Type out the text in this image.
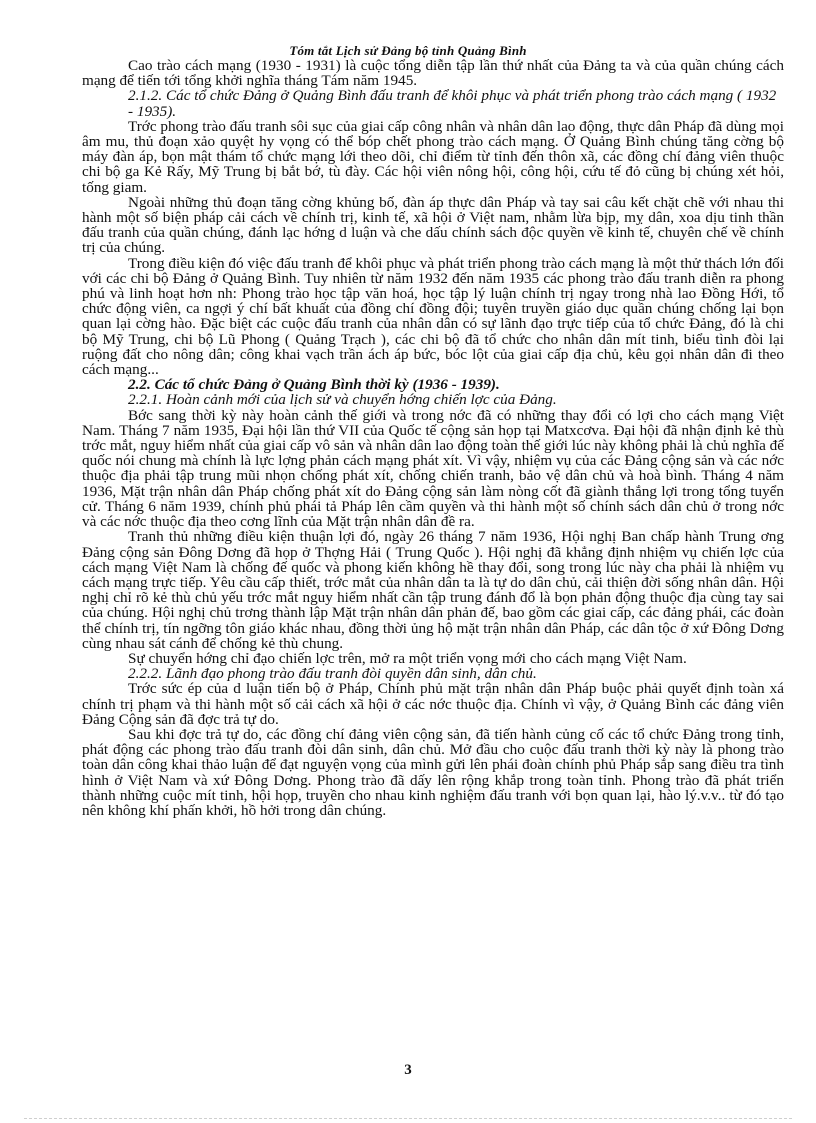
Tóm tắt Lịch sử Đảng bộ tỉnh Quảng Bình

Cao trào cách mạng (1930 - 1931) là cuộc tổng diễn tập lần thứ nhất của Đảng ta và của quần chúng cách mạng để tiến tới tổng khởi nghĩa tháng Tám năm 1945.

2.1.2. Các tổ chức Đảng ở Quảng Bình đấu tranh để khôi phục và phát triển phong trào cách mạng ( 1932 - 1935).

Trớc phong trào đấu tranh sôi sục của giai cấp công nhân và nhân dân lao động, thực dân Pháp đã dùng mọi âm mu, thủ đoạn xảo quyệt hy vọng có thể bóp chết phong trào cách mạng. Ở Quảng Bình chúng tăng cờng bộ máy đàn áp, bọn mật thám tổ chức mạng lới theo dõi, chỉ điểm từ tỉnh đến thôn xã, các đồng chí đảng viên thuộc chi bộ ga Kẻ Rấy, Mỹ Trung bị bắt bớ, tù đày. Các hội viên nông hội, công hội, cứu tế đỏ cũng bị chúng xét hỏi, tống giam.

Ngoài những thủ đoạn tăng cờng khủng bố, đàn áp thực dân Pháp và tay sai câu kết chặt chẽ với nhau thi hành một số biện pháp cải cách về chính trị, kinh tế, xã hội ở Việt nam, nhằm lừa bịp, mỵ dân, xoa dịu tinh thần đấu tranh của quần chúng, đánh lạc hớng d luận và che dấu chính sách độc quyền về kinh tế, chuyên chế về chính trị của chúng.

Trong điều kiện đó việc đấu tranh để khôi phục và phát triển phong trào cách mạng là một thử thách lớn đối với các chi bộ Đảng ở Quảng Bình. Tuy nhiên từ năm 1932 đến năm 1935 các phong trào đấu tranh diễn ra phong phú và linh hoạt hơn nh: Phong trào học tập văn hoá, học tập lý luận chính trị ngay trong nhà lao Đồng Hới, tổ chức động viên, ca ngợi ý chí bất khuất của đồng chí đồng đội; tuyên truyền giáo dục quần chúng chống lại bọn quan lại cờng hào. Đặc biệt các cuộc đấu tranh của nhân dân có sự lãnh đạo trực tiếp của tổ chức Đảng, đó là chi bộ Mỹ Trung, chi bộ Lũ Phong ( Quảng Trạch ), các chi bộ đã tổ chức cho nhân dân mít tinh, biểu tình đòi lại ruộng đất cho nông dân; công khai vạch trần ách áp bức, bóc lột của giai cấp địa chủ, kêu gọi nhân dân đi theo cách mạng...

2.2. Các tổ chức Đảng ở Quảng Bình thời kỳ (1936 - 1939).

2.2.1. Hoàn cảnh mới của lịch sử và chuyển hớng chiến lợc của Đảng.

Bớc sang thời kỳ này hoàn cảnh thế giới và trong nớc đã có những thay đổi có lợi cho cách mạng Việt Nam. Tháng 7 năm 1935, Đại hội lần thứ VII của Quốc tế cộng sản họp tại Matxcơva. Đại hội đã nhận định kẻ thù trớc mắt, nguy hiểm nhất của giai cấp vô sản và nhân dân lao động toàn thế giới lúc này không phải là chủ nghĩa đế quốc nói chung mà chính là lực lợng phản cách mạng phát xít. Vì vậy, nhiệm vụ của các Đảng cộng sản và các nớc thuộc địa phải tập trung mũi nhọn chống phát xít, chống chiến tranh, bảo vệ dân chủ và hoà bình. Tháng 4 năm 1936, Mặt trận nhân dân Pháp chống phát xít do Đảng cộng sản làm nòng cốt đã giành thắng lợi trong tổng tuyển cử. Tháng 6 năm 1939, chính phủ phái tả Pháp lên cầm quyền và thi hành một số chính sách dân chủ ở trong nớc và các nớc thuộc địa theo cơng lĩnh của Mặt trận nhân dân đề ra.

Tranh thủ những điều kiện thuận lợi đó, ngày 26 tháng 7 năm 1936, Hội nghị Ban chấp hành Trung ơng Đảng cộng sản Đông Dơng đã họp ở Thợng Hải ( Trung Quốc ). Hội nghị đã khẳng định nhiệm vụ chiến lợc của cách mạng Việt Nam là chống đế quốc và phong kiến không hề thay đổi, song trong lúc này cha phải là nhiệm vụ cách mạng trực tiếp. Yêu cầu cấp thiết, trớc mắt của nhân dân ta là tự do dân chủ, cải thiện đời sống nhân dân. Hội nghị chỉ rõ kẻ thù chủ yếu trớc mắt nguy hiểm nhất cần tập trung đánh đổ là bọn phản động thuộc địa cùng tay sai của chúng. Hội nghị chủ trơng thành lập Mặt trận nhân dân phản đế, bao gồm các giai cấp, các đảng phái, các đoàn thể chính trị, tín ngỡng tôn giáo khác nhau, đồng thời ủng hộ mặt trận nhân dân Pháp, các dân tộc ở xứ Đông Dơng cùng nhau sát cánh để chống kẻ thù chung.

Sự chuyển hớng chỉ đạo chiến lợc trên, mở ra một triển vọng mới cho cách mạng Việt Nam.

2.2.2. Lãnh đạo phong trào đấu tranh đòi quyền dân sinh, dân chủ.

Trớc sức ép của d luận tiến bộ ở Pháp, Chính phủ mặt trận nhân dân Pháp buộc phải quyết định toàn xá chính trị phạm và thi hành một số cải cách xã hội ở các nớc thuộc địa. Chính vì vậy, ở Quảng Bình các đảng viên Đảng Cộng sản đã đợc trả tự do.

Sau khi đợc trả tự do, các đồng chí đảng viên cộng sản, đã tiến hành củng cố các tổ chức Đảng trong tỉnh, phát động các phong trào đấu tranh đòi dân sinh, dân chủ. Mở đầu cho cuộc đấu tranh thời kỳ này là phong trào toàn dân công khai thảo luận để đạt nguyện vọng của mình gửi lên phái đoàn chính phủ Pháp sắp sang điều tra tình hình ở Việt Nam và xứ Đông Dơng. Phong trào đã dấy lên rộng khắp trong toàn tỉnh. Phong trào đã phát triển thành những cuộc mít tinh, hội họp, truyền cho nhau kinh nghiệm đấu tranh với bọn quan lại, hào lý.v.v.. từ đó tạo nên không khí phấn khởi, hồ hởi trong dân chúng.

3
